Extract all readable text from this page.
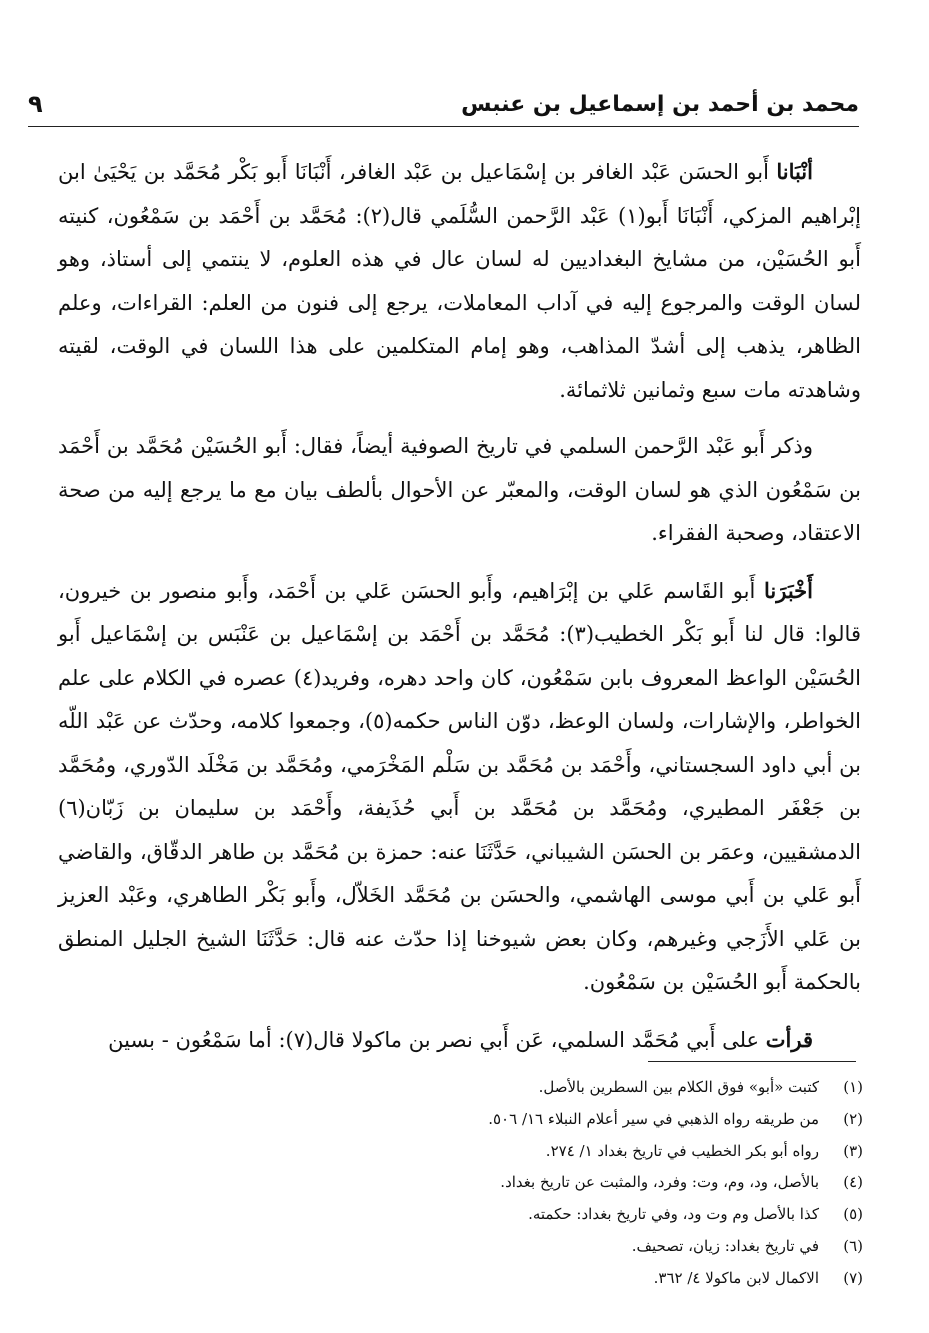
محمد بن أحمد بن إسماعيل بن عنبس
٩

أنْبَانا أَبو الحسَن عَبْد الغافر بن إسْمَاعيل بن عَبْد الغافر، أَنْبَانَا أَبو بَكْر مُحَمَّد بن يَحْيَىٰ ابن إبْراهيم المزكي، أَنْبَانَا أَبو(١) عَبْد الرَّحمن السُّلَمي قال(٢): مُحَمَّد بن أَحْمَد بن سَمْعُون، كنيته أَبو الحُسَيْن، من مشايخ البغداديين له لسان عال في هذه العلوم، لا ينتمي إلى أستاذ، وهو لسان الوقت والمرجوع إليه في آداب المعاملات، يرجع إلى فنون من العلم: القراءات، وعلم الظاهر، يذهب إلى أشدّ المذاهب، وهو إمام المتكلمين على هذا اللسان في الوقت، لقيته وشاهدته مات سبع وثمانين ثلاثمائة.

وذكر أَبو عَبْد الرَّحمن السلمي في تاريخ الصوفية أيضاً، فقال: أَبو الحُسَيْن مُحَمَّد بن أَحْمَد بن سَمْعُون الذي هو لسان الوقت، والمعبّر عن الأحوال بألطف بيان مع ما يرجع إليه من صحة الاعتقاد، وصحبة الفقراء.

أَخْبَرَنا أَبو القَاسم عَلي بن إبْرَاهيم، وأَبو الحسَن عَلي بن أَحْمَد، وأَبو منصور بن خيرون، قالوا: قال لنا أَبو بَكْر الخطيب(٣): مُحَمَّد بن أَحْمَد بن إسْمَاعيل بن عَنْبَس بن إسْمَاعيل أَبو الحُسَيْن الواعظ المعروف بابن سَمْعُون، كان واحد دهره، وفريد(٤) عصره في الكلام على علم الخواطر، والإشارات، ولسان الوعظ، دوّن الناس حكمه(٥)، وجمعوا كلامه، وحدّث عن عَبْد اللّه بن أبي داود السجستاني، وأَحْمَد بن مُحَمَّد بن سَلْم المَخْرَمي، ومُحَمَّد بن مَخْلَد الدّوري، ومُحَمَّد بن جَعْفَر المطيري، ومُحَمَّد بن مُحَمَّد بن أَبي حُذَيفة، وأَحْمَد بن سليمان بن زَبّان(٦) الدمشقيين، وعمَر بن الحسَن الشيباني، حَدَّثَنَا عنه: حمزة بن مُحَمَّد بن طاهر الدقّاق، والقاضي أَبو عَلي بن أَبي موسى الهاشمي، والحسَن بن مُحَمَّد الخَلاّل، وأَبو بَكْر الطاهري، وعَبْد العزيز بن عَلي الأَزَجي وغيرهم، وكان بعض شيوخنا إذا حدّث عنه قال: حَدَّثَنَا الشيخ الجليل المنطق بالحكمة أَبو الحُسَيْن بن سَمْعُون.

قرأت على أَبي مُحَمَّد السلمي، عَن أَبي نصر بن ماكولا قال(٧): أما سَمْعُون - بسين

(١)
كتبت «أبو» فوق الكلام بين السطرين بالأصل.
(٢)
من طريقه رواه الذهبي في سير أعلام النبلاء ١٦/ ٥٠٦.
(٣)
رواه أبو بكر الخطيب في تاريخ بغداد ١/ ٢٧٤.
(٤)
بالأصل، ود، وم، وت: وفرد، والمثبت عن تاريخ بغداد.
(٥)
كذا بالأصل وم وت ود، وفي تاريخ بغداد: حكمته.
(٦)
في تاريخ بغداد: زيان، تصحيف.
(٧)
الاكمال لابن ماكولا ٤/ ٣٦٢.
